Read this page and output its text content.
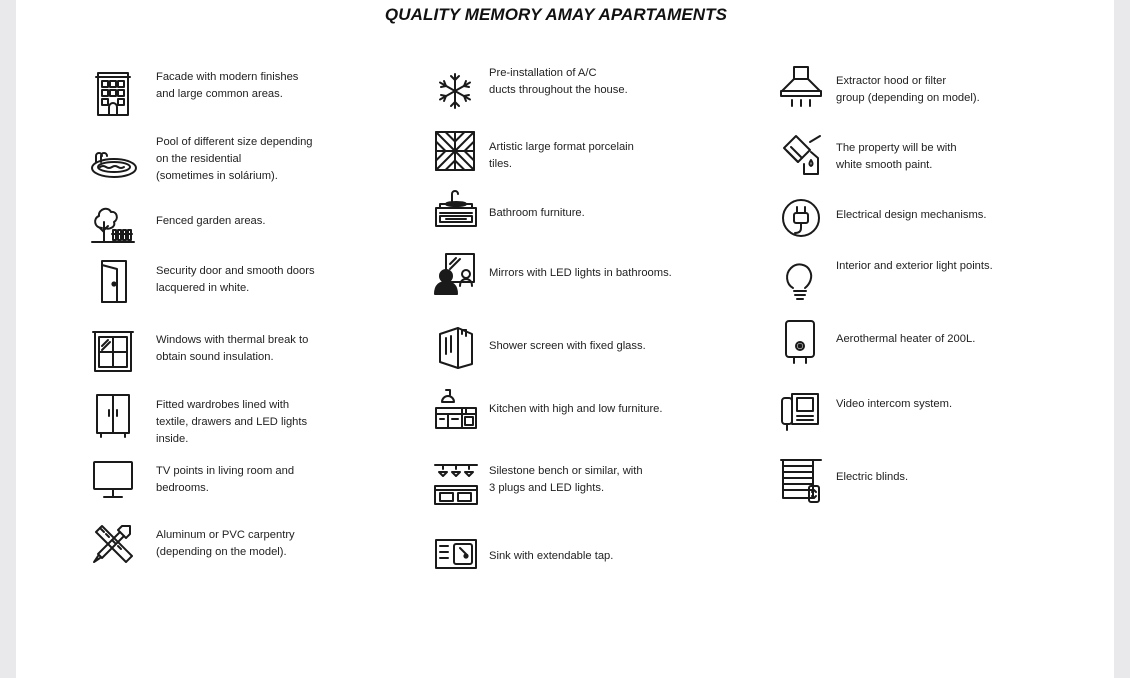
QUALITY MEMORY AMAY APARTAMENTS
Facade with modern finishes
and large common areas.
Pool of different size depending
on the residential
(sometimes in solárium).
Fenced garden areas.
Security door and smooth doors
lacquered in white.
Windows with thermal break to
obtain sound insulation.
Fitted wardrobes lined with
textile, drawers and LED lights
inside.
TV points in living room and
bedrooms.
Aluminum or PVC carpentry
(depending on the model).
Pre-installation of A/C
ducts throughout the house.
Artistic large format porcelain
tiles.
Bathroom furniture.
Mirrors with LED lights in bathrooms.
Shower screen with fixed glass.
Kitchen with high and low furniture.
Silestone bench or similar, with
3 plugs and LED lights.
Sink with extendable tap.
Extractor hood or filter
group (depending on model).
The property will be with
white smooth paint.
Electrical design mechanisms.
Interior and exterior light points.
Aerothermal heater of 200L.
Video intercom system.
Electric blinds.
